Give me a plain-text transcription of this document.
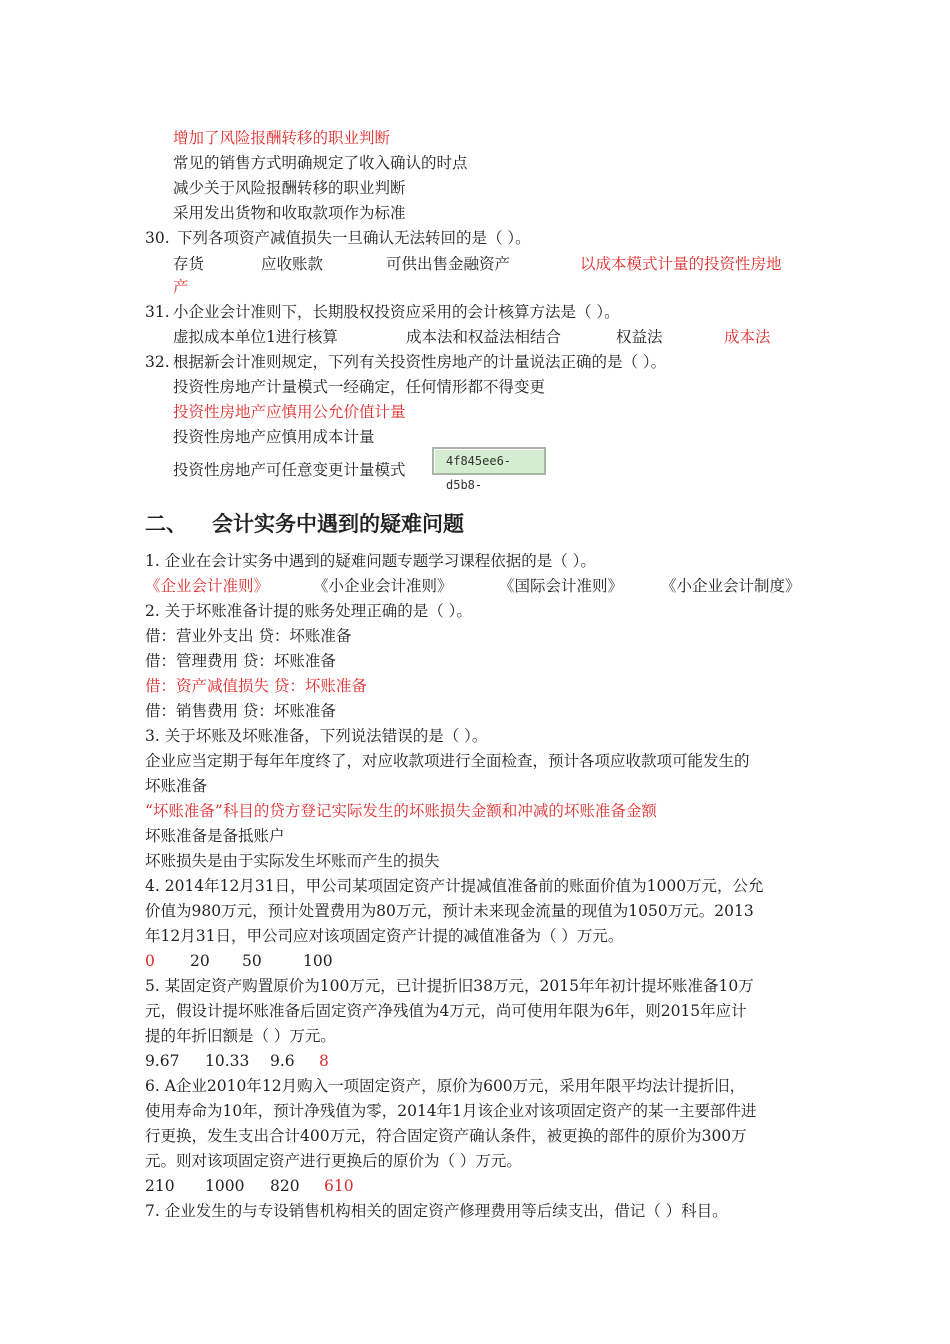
增加了风险报酬转移的职业判断
常见的销售方式明确规定了收入确认的时点
减少关于风险报酬转移的职业判断
采用发出货物和收取款项作为标准
30. 下列各项资产减值损失一旦确认无法转回的是（ ）。
存货	应收账款	可供出售金融资产	以成本模式计量的投资性房地
产
31. 小企业会计准则下，长期股权投资应采用的会计核算方法是（ ）。
虚拟成本单位1进行核算	成本法和权益法相结合	权益法	成本法
32. 根据新会计准则规定，下列有关投资性房地产的计量说法正确的是（ ）。
投资性房地产计量模式一经确定，任何情形都不得变更
投资性房地产应慎用公允价值计量
投资性房地产应慎用成本计量
投资性房地产可任意变更计量模式	4f845ee6-d5b8-
二、 会计实务中遇到的疑难问题
1. 企业在会计实务中遇到的疑难问题专题学习课程依据的是（ ）。
《企业会计准则》	《小企业会计准则》	《国际会计准则》 《小企业会计制度》
2. 关于坏账准备计提的账务处理正确的是（ ）。
借：营业外支出 贷：坏账准备
借：管理费用 贷：坏账准备
借：资产减值损失 贷：坏账准备
借：销售费用 贷：坏账准备
3. 关于坏账及坏账准备，下列说法错误的是（ ）。
企业应当定期于每年年度终了，对应收款项进行全面检查，预计各项应收款项可能发生的
坏账准备
“坏账准备”科目的贷方登记实际发生的坏账损失金额和冲减的坏账准备金额
坏账准备是备抵账户
坏账损失是由于实际发生坏账而产生的损失
4. 2014年12月31日，甲公司某项固定资产计提减值准备前的账面价值为1000万元，公允
价值为980万元，预计处置费用为80万元，预计未来现金流量的现值为1050万元。2013
年12月31日，甲公司应对该项固定资产计提的减值准备为（ ）万元。
0 20 50	100
5. 某固定资产购置原价为100万元，已计提折旧38万元，2015年年初计提坏账准备10万
元，假设计提坏账准备后固定资产净残值为4万元，尚可使用年限为6年，则2015年应计
提的年折旧额是（ ）万元。
9.67 10.33 9.6 8
6. A企业2010年12月购入一项固定资产，原价为600万元，采用年限平均法计提折旧，
使用寿命为10年，预计净残值为零，2014年1月该企业对该项固定资产的某一主要部件进
行更换，发生支出合计400万元，符合固定资产确认条件，被更换的部件的原价为300万
元。则对该项固定资产进行更换后的原价为（ ）万元。
210 1000 820 610
7. 企业发生的与专设销售机构相关的固定资产修理费用等后续支出，借记（ ）科目。
